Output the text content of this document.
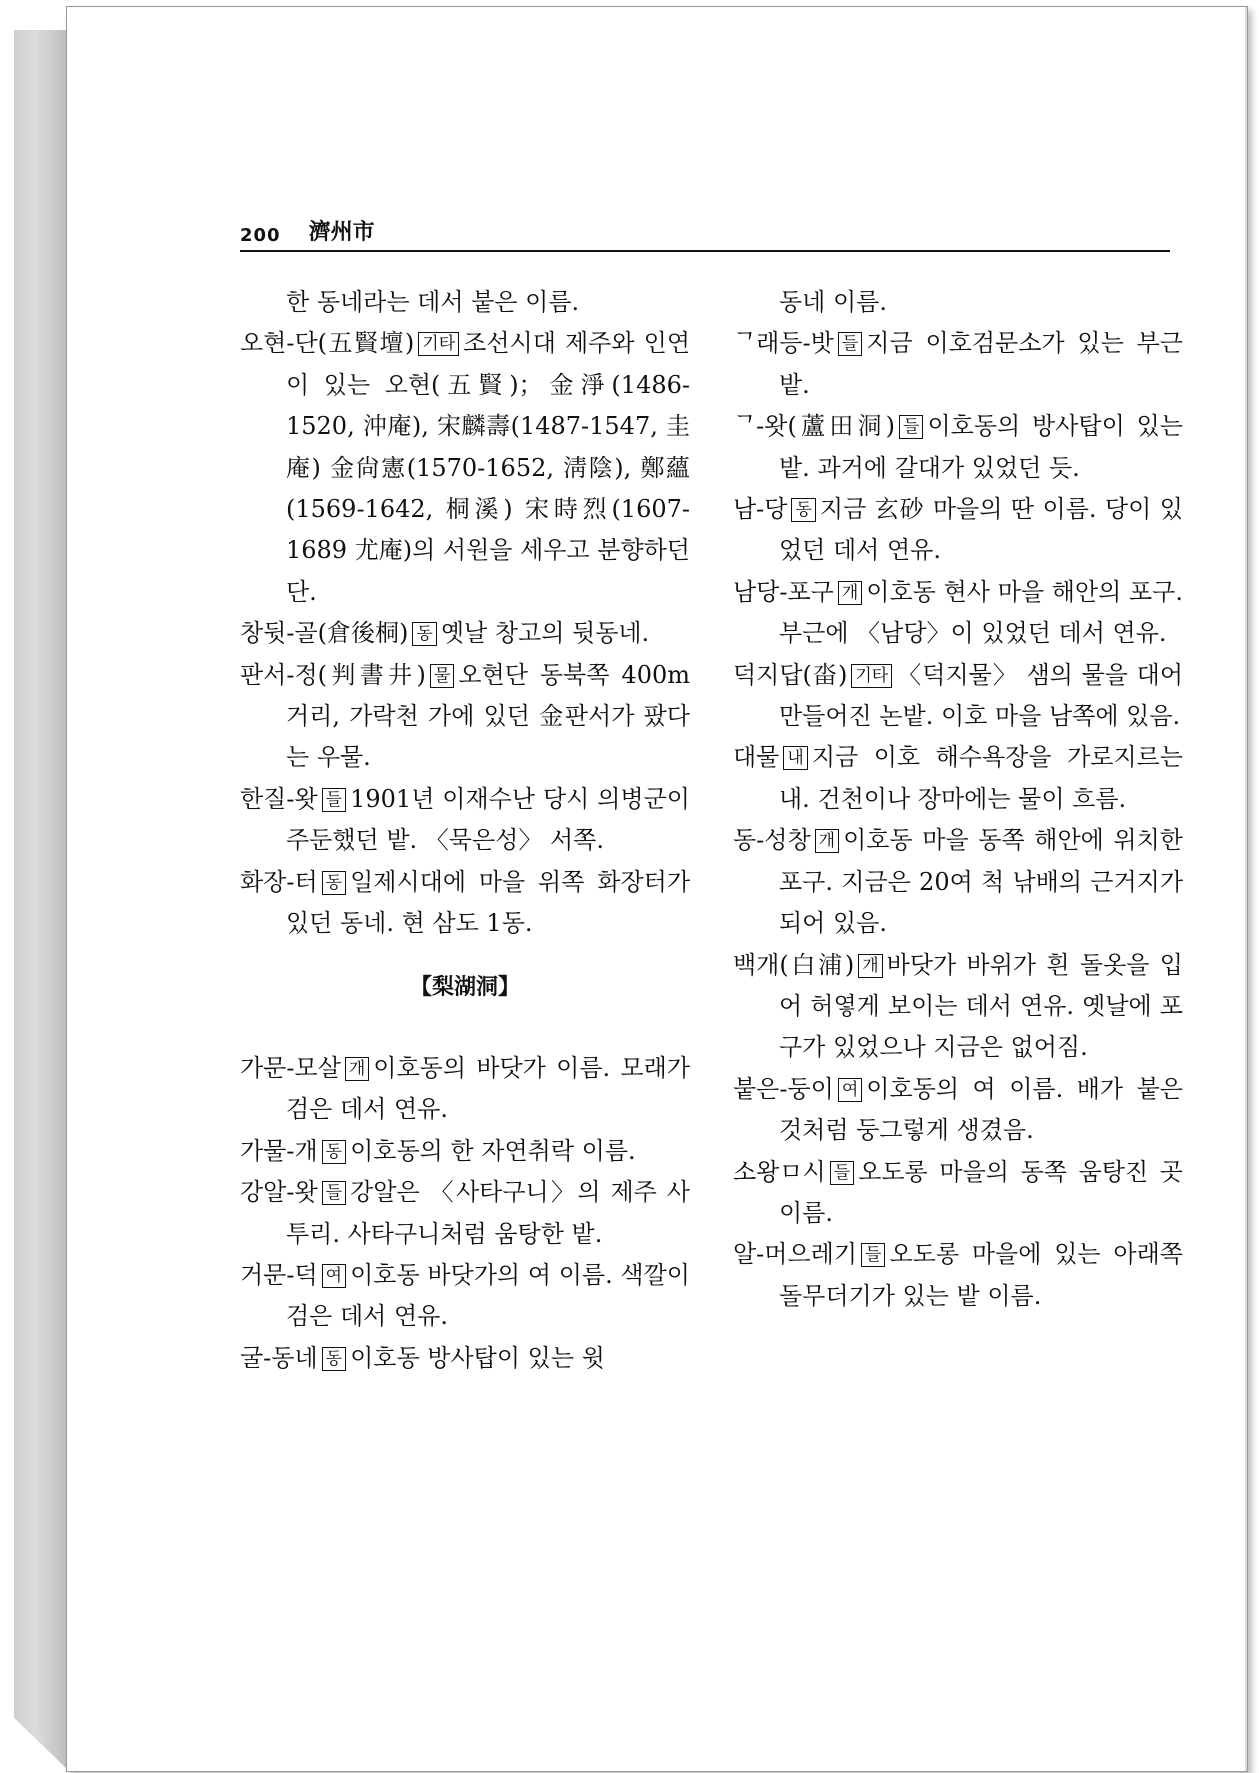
200 濟州市
한 동네라는 데서 붙은 이름.
오현-단(五賢壇) 기타 조선시대 제주와 인연이 있는 오현(五賢)；金淨(1486-1520, 沖庵), 宋麟壽(1487-1547, 圭庵) 金尙憲(1570-1652, 淸陰), 鄭蘊(1569-1642, 桐溪) 宋時烈(1607-1689 尤庵)의 서원을 세우고 분향하던 단.
창뒷-골(倉後桐) 동 옛날 창고의 뒷동네.
판서-정(判書井) 물 오현단 동북쪽 400m 거리, 가락천 가에 있던 金판서가 팠다는 우물.
한질-왓 들 1901년 이재수난 당시 의병군이 주둔했던 밭. 〈묵은성〉 서쪽.
화장-터 동 일제시대에 마을 위쪽 화장터가 있던 동네. 현 삼도 1동.
【梨湖洞】
가문-모살 개 이호동의 바닷가 이름. 모래가 검은 데서 연유.
가물-개 동 이호동의 한 자연취락 이름.
강알-왓 들 강알은 〈사타구니〉의 제주 사투리. 사타구니처럼 움탕한 밭.
거문-덕 여 이호동 바닷가의 여 이름. 색깔이 검은 데서 연유.
굴-동네 동 이호동 방사탑이 있는 윗
동네 이름.
ᄀ래등-밧 들 지금 이호검문소가 있는 부근 밭.
ᄀ-왓(蘆田洞) 들 이호동의 방사탑이 있는 밭. 과거에 갈대가 있었던 듯.
남-당 동 지금 玄砂 마을의 딴 이름. 당이 있었던 데서 연유.
남당-포구 개 이호동 현사 마을 해안의 포구. 부근에 〈남당〉이 있었던 데서 연유.
덕지답(畓) 기타 〈덕지물〉 샘의 물을 대어 만들어진 논밭. 이호 마을 남쪽에 있음.
대물 내 지금 이호 해수욕장을 가로지르는 내. 건천이나 장마에는 물이 흐름.
동-성창 개 이호동 마을 동쪽 해안에 위치한 포구. 지금은 20여 척 낚배의 근거지가 되어 있음.
백개(白浦) 개 바닷가 바위가 흰 돌옷을 입어 허옇게 보이는 데서 연유. 옛날에 포구가 있었으나 지금은 없어짐.
붙은-둥이 여 이호동의 여 이름. 배가 붙은 것처럼 둥그렇게 생겼음.
소왕ㅁ시 들 오도롱 마을의 동쪽 움탕진 곳 이름.
알-머으레기 들 오도롱 마을에 있는 아래쪽 돌무더기가 있는 밭 이름.
